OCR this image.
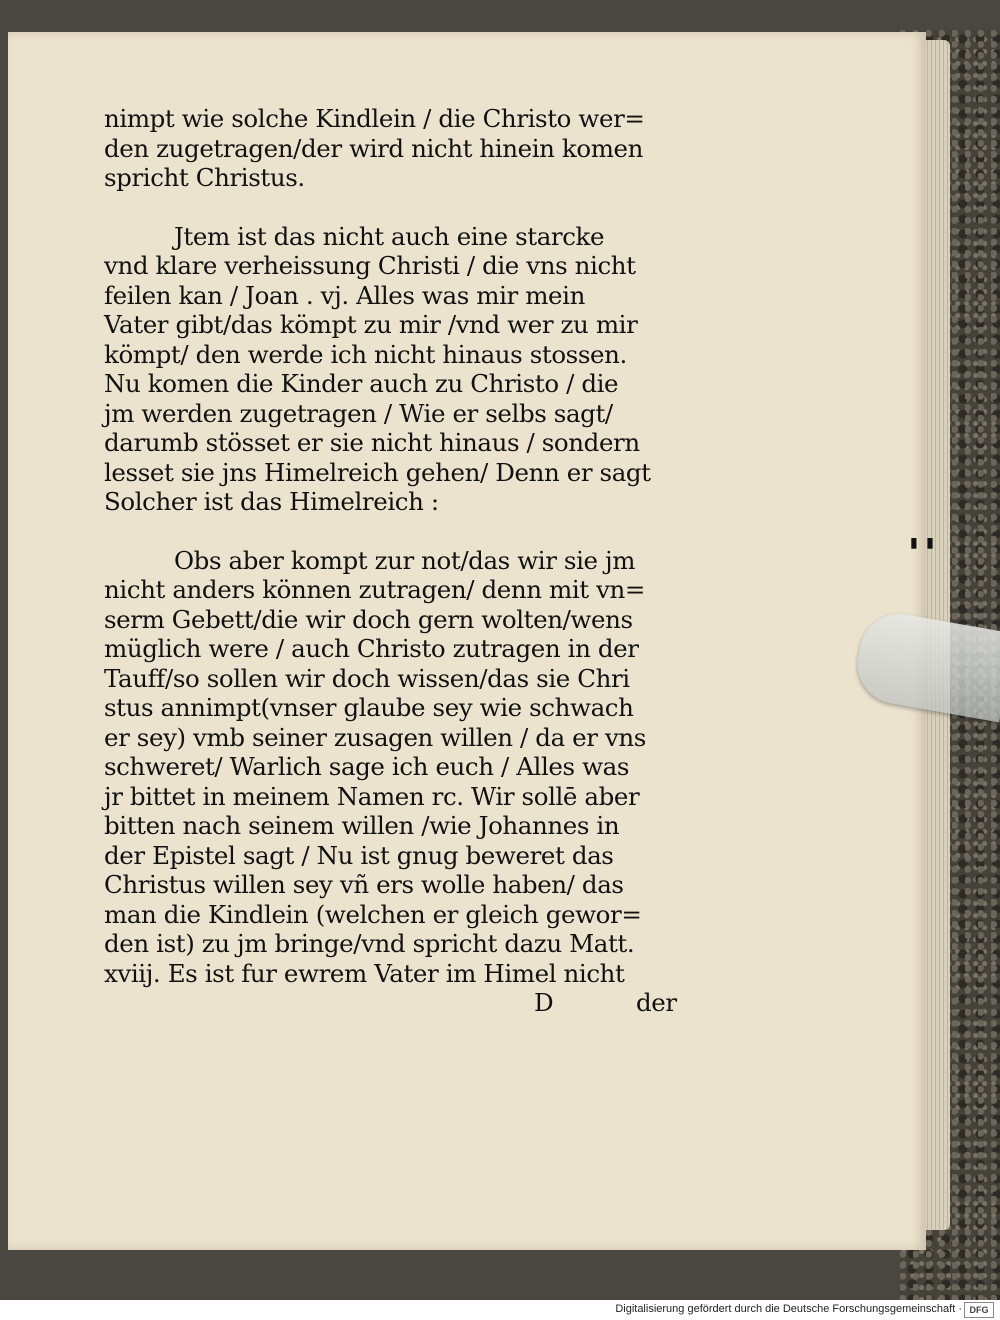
nimpt wie solche Kindlein / die Christo wer=
den zugetragen/der wird nicht hinein komen
spricht Christus.
Jtem ist das nicht auch eine starcke
vnd klare verheissung Christi / die vns nicht
feilen kan / Joan . vj. Alles was mir mein
Vater gibt/das kömpt zu mir /vnd wer zu mir
kömpt/ den werde ich nicht hinaus stossen.
Nu komen die Kinder auch zu Christo / die
jm werden zugetragen / Wie er selbs sagt/
darumb stösset er sie nicht hinaus / sondern
lesset sie jns Himelreich gehen/ Denn er sagt
Solcher ist das Himelreich :
Obs aber kompt zur not/das wir sie jm
nicht anders können zutragen/ denn mit vn=
serm Gebett/die wir doch gern wolten/wens
müglich were / auch Christo zutragen in der
Tauff/so sollen wir doch wissen/das sie Chri
stus annimpt(vnser glaube sey wie schwach
er sey) vmb seiner zusagen willen / da er vns
schweret/ Warlich sage ich euch / Alles was
jr bittet in meinem Namen rc. Wir sollē aber
bitten nach seinem willen /wie Johannes in
der Epistel sagt / Nu ist gnug beweret das
Christus willen sey vñ ers wolle haben/ das
man die Kindlein (welchen er gleich gewor=
den ist) zu jm bringe/vnd spricht dazu Matt.
xviij. Es ist fur ewrem Vater im Himel nicht
D	der
▮ ▮
Digitalisierung gefördert durch die Deutsche Forschungsgemeinschaft · DFG
